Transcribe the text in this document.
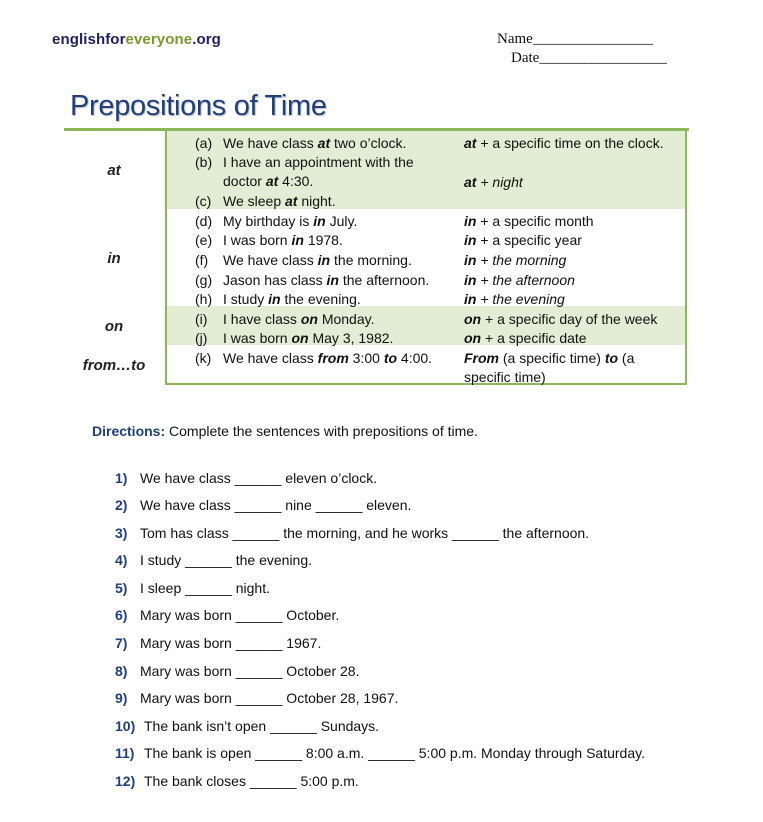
englishforeveryone.org	Name________________
Date_________________
Prepositions of Time
at
in
on
from…to
(a) We have class at two o’clock.
(b) I have an appointment with the
doctor at 4:30.
(c) We sleep at night.
(d) My birthday is in July.
(e) I was born in 1978.
(f) We have class in the morning.
(g) Jason has class in the afternoon.
(h) I study in the evening.
(i) I have class on Monday.
(j) I was born on May 3, 1982.
(k) We have class from 3:00 to 4:00.
at + a specific time on the clock.
at + night
in + a specific month
in + a specific year
in + the morning
in + the afternoon
in + the evening
on + a specific day of the week
on + a specific date
From (a specific time) to (a
specific time)
Directions: Complete the sentences with prepositions of time.
1) We have class ______ eleven o’clock.
2) We have class ______ nine ______ eleven.
3) Tom has class ______ the morning, and he works ______ the afternoon.
4) I study ______ the evening.
5) I sleep ______ night.
6) Mary was born ______ October.
7) Mary was born ______ 1967.
8) Mary was born ______ October 28.
9) Mary was born ______ October 28, 1967.
10) The bank isn’t open ______ Sundays.
11) The bank is open ______ 8:00 a.m. ______ 5:00 p.m. Monday through Saturday.
12) The bank closes ______ 5:00 p.m.
